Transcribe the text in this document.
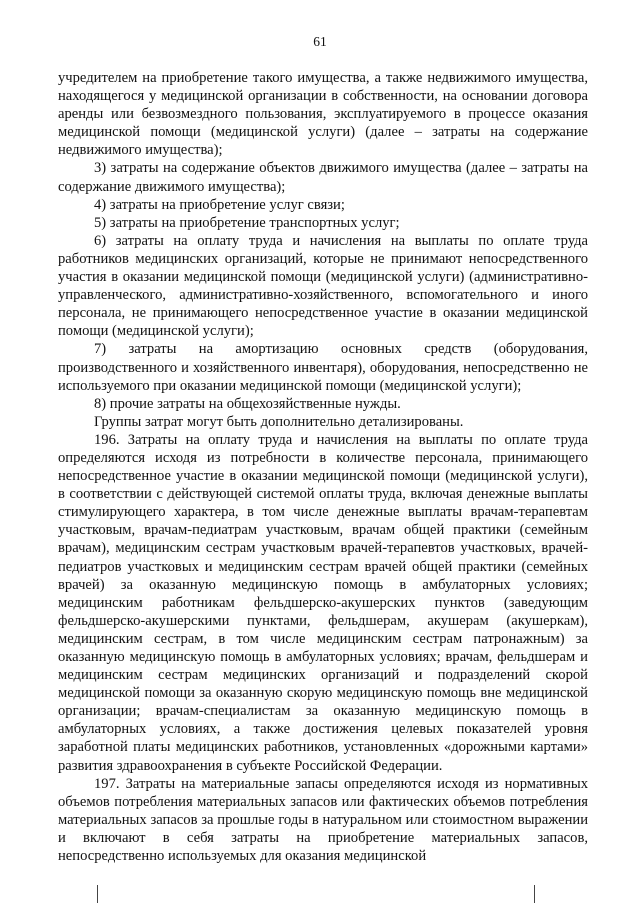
61

учредителем на приобретение такого имущества, а также недвижимого имущества, находящегося у медицинской организации в собственности, на основании договора аренды или безвозмездного пользования, эксплуатируемого в процессе оказания медицинской помощи (медицинской услуги) (далее – затраты на содержание недвижимого имущества);

3) затраты на содержание объектов движимого имущества (далее – затраты на содержание движимого имущества);

4) затраты на приобретение услуг связи;

5) затраты на приобретение транспортных услуг;

6) затраты на оплату труда и начисления на выплаты по оплате труда работников медицинских организаций, которые не принимают непосредственного участия в оказании медицинской помощи (медицинской услуги) (административно-управленческого, административно-хозяйственного, вспомогательного и иного персонала, не принимающего непосредственное участие в оказании медицинской помощи (медицинской услуги);

7) затраты на амортизацию основных средств (оборудования, производственного и хозяйственного инвентаря), оборудования, непосредственно не используемого при оказании медицинской помощи (медицинской услуги);

8) прочие затраты на общехозяйственные нужды.

Группы затрат могут быть дополнительно детализированы.

196. Затраты на оплату труда и начисления на выплаты по оплате труда определяются исходя из потребности в количестве персонала, принимающего непосредственное участие в оказании медицинской помощи (медицинской услуги), в соответствии с действующей системой оплаты труда, включая денежные выплаты стимулирующего характера, в том числе денежные выплаты врачам-терапевтам участковым, врачам-педиатрам участковым, врачам общей практики (семейным врачам), медицинским сестрам участковым врачей-терапевтов участковых, врачей-педиатров участковых и медицинским сестрам врачей общей практики (семейных врачей) за оказанную медицинскую помощь в амбулаторных условиях; медицинским работникам фельдшерско-акушерских пунктов (заведующим фельдшерско-акушерскими пунктами, фельдшерам, акушерам (акушеркам), медицинским сестрам, в том числе медицинским сестрам патронажным) за оказанную медицинскую помощь в амбулаторных условиях; врачам, фельдшерам и медицинским сестрам медицинских организаций и подразделений скорой медицинской помощи за оказанную скорую медицинскую помощь вне медицинской организации; врачам-специалистам за оказанную медицинскую помощь в амбулаторных условиях, а также достижения целевых показателей уровня заработной платы медицинских работников, установленных «дорожными картами» развития здравоохранения в субъекте Российской Федерации.

197. Затраты на материальные запасы определяются исходя из нормативных объемов потребления материальных запасов или фактических объемов потребления материальных запасов за прошлые годы в натуральном или стоимостном выражении и включают в себя затраты на приобретение материальных запасов, непосредственно используемых для оказания медицинской
